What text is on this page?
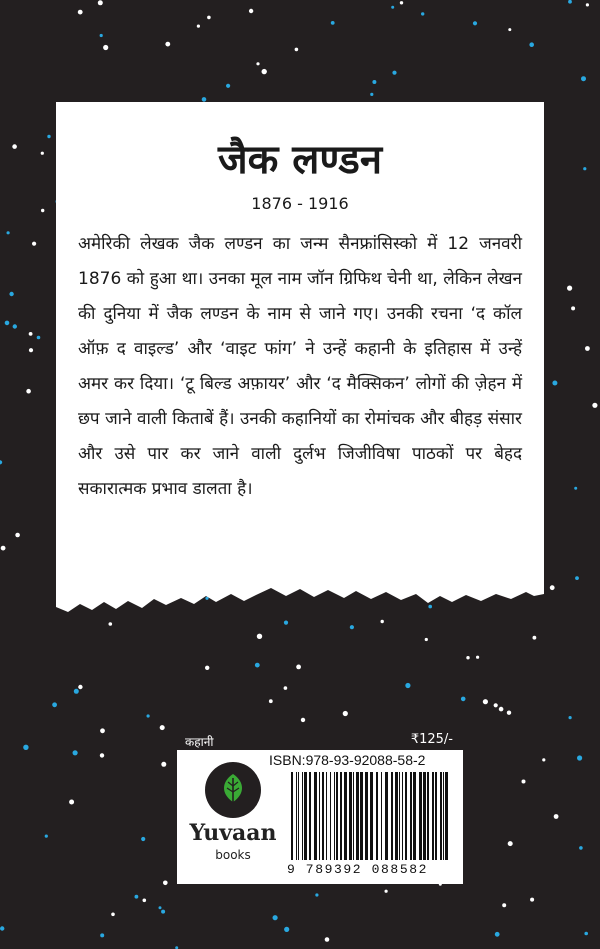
जैक लण्डन
1876 - 1916
अमेरिकी लेखक जैक लण्डन का जन्म सैनफ्रांसिस्को में 12 जनवरी 1876 को हुआ था। उनका मूल नाम जॉन ग्रिफिथ चेनी था, लेकिन लेखन की दुनिया में जैक लण्डन के नाम से जाने गए। उनकी रचना ‘द कॉल ऑफ़ द वाइल्ड’ और ‘वाइट फांग’ ने उन्हें कहानी के इतिहास में उन्हें अमर कर दिया। ‘टू बिल्ड अफ़ायर’ और ‘द मैक्सिकन’ लोगों की ज़ेहन में छप जाने वाली किताबें हैं। उनकी कहानियों का रोमांचक और बीहड़ संसार और उसे पार कर जाने वाली दुर्लभ जिजीविषा पाठकों पर बेहद सकारात्मक प्रभाव डालता है।
कहानी	₹125/-
Yuvaan
books
ISBN:978-93-92088-58-2
9 789392 088582
